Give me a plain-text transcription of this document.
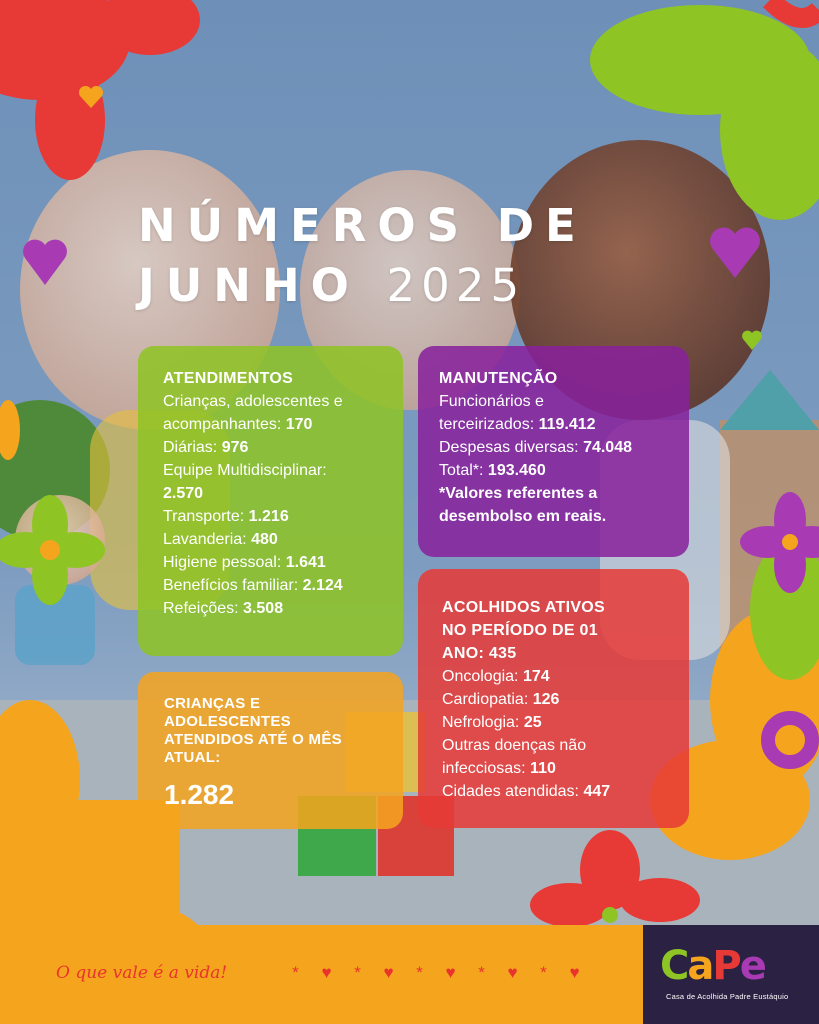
NÚMEROS DE
JUNHO 2025
ATENDIMENTOS
Crianças, adolescentes e
acompanhantes: 170
Diárias: 976
Equipe Multidisciplinar:
2.570
Transporte: 1.216
Lavanderia: 480
Higiene pessoal: 1.641
Benefícios familiar: 2.124
Refeições: 3.508
MANUTENÇÃO
Funcionários e
terceirizados: 119.412
Despesas diversas: 74.048
Total*: 193.460
*Valores referentes a
desembolso em reais.
ACOLHIDOS ATIVOS
NO PERÍODO DE 01
ANO: 435
Oncologia: 174
Cardiopatia: 126
Nefrologia: 25
Outras doenças não
infecciosas: 110
Cidades atendidas: 447
CRIANÇAS E
ADOLESCENTES
ATENDIDOS ATÉ O MÊS
ATUAL:
1.282
O que vale é a vida!	* ♥ * ♥ * ♥ * ♥ * ♥ CaPe
Casa de Acolhida Padre Eustáquio
